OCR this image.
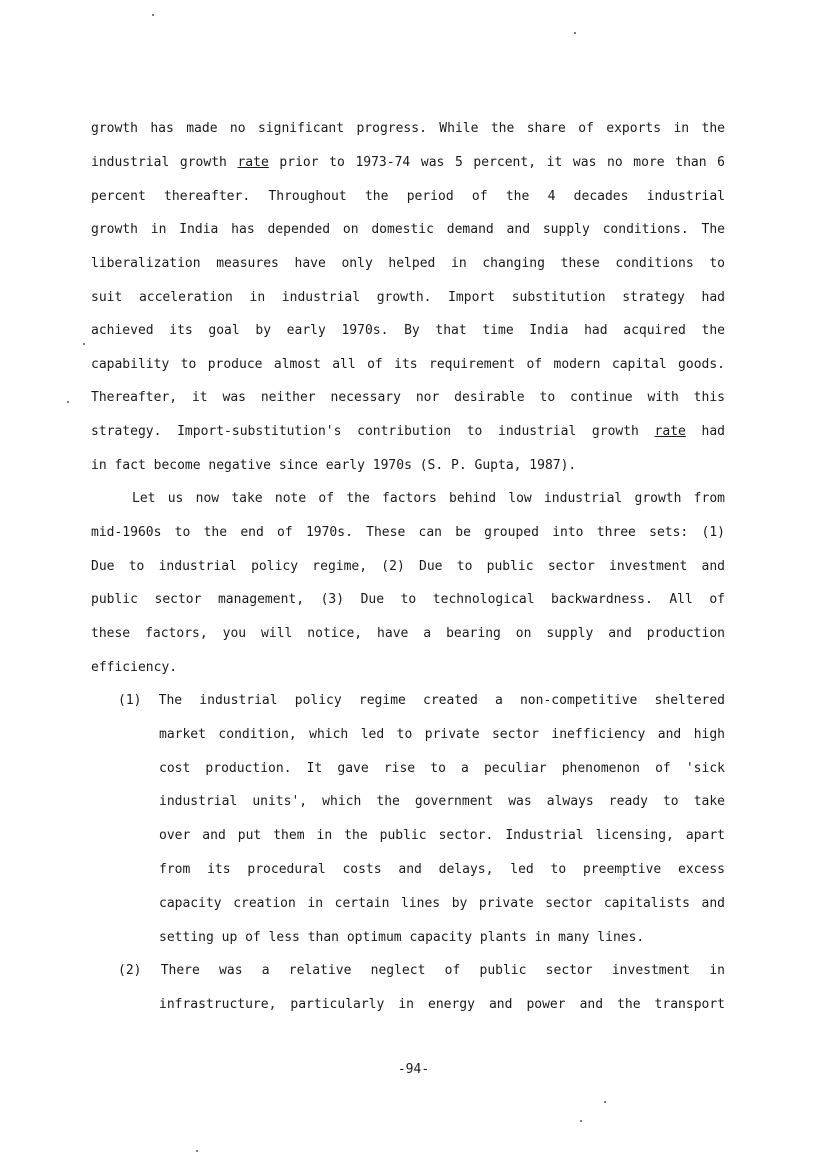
growth has made no significant progress. While the share of exports in the
industrial growth rate prior to 1973-74 was 5 percent, it was no more than 6
percent thereafter. Throughout the period of the 4 decades industrial
growth in India has depended on domestic demand and supply conditions. The
liberalization measures have only helped in changing these conditions to
suit acceleration in industrial growth. Import substitution strategy had
achieved its goal by early 1970s. By that time India had acquired the
capability to produce almost all of its requirement of modern capital goods.
Thereafter, it was neither necessary nor desirable to continue with this
strategy. Import-substitution's contribution to industrial growth rate had
in fact become negative since early 1970s (S. P. Gupta, 1987).
Let us now take note of the factors behind low industrial growth from
mid-1960s to the end of 1970s. These can be grouped into three sets: (1)
Due to industrial policy regime, (2) Due to public sector investment and
public sector management, (3) Due to technological backwardness. All of
these factors, you will notice, have a bearing on supply and production
efficiency.
(1) The industrial policy regime created a non-competitive sheltered
market condition, which led to private sector inefficiency and high
cost production. It gave rise to a peculiar phenomenon of 'sick
industrial units', which the government was always ready to take
over and put them in the public sector. Industrial licensing, apart
from its procedural costs and delays, led to preemptive excess
capacity creation in certain lines by private sector capitalists and
setting up of less than optimum capacity plants in many lines.
(2) There was a relative neglect of public sector investment in
infrastructure, particularly in energy and power and the transport
-94-
